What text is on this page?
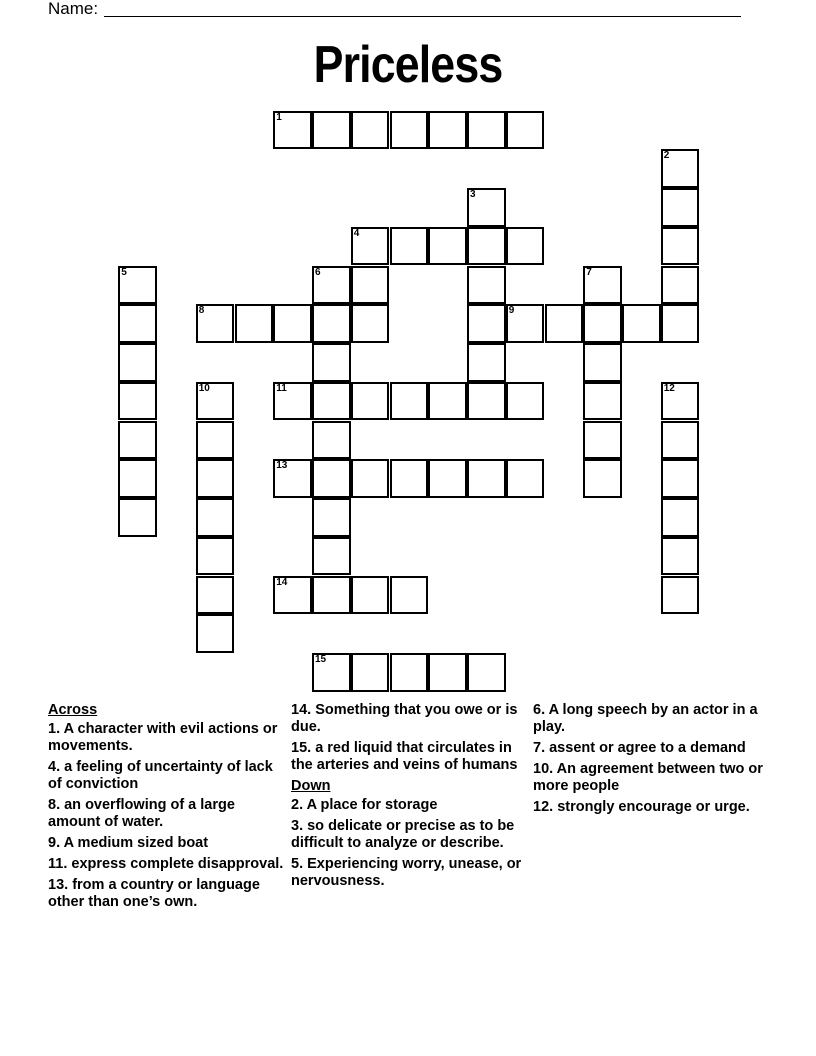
Name:
Priceless
1
2
3
4
5	6	7
8	9
10	11	12
13
14
15
Across
1. A character with evil actions or movements.
4. a feeling of uncertainty of lack of conviction
8. an overflowing of a large amount of water.
9. A medium sized boat
11. express complete disapproval.
13. from a country or language other than one’s own.
14. Something that you owe or is due.
15. a red liquid that circulates in the arteries and veins of humans
Down
2. A place for storage
3. so delicate or precise as to be difficult to analyze or describe.
5. Experiencing worry, unease, or nervousness.
6. A long speech by an actor in a play.
7. assent or agree to a demand
10. An agreement between two or more people
12. strongly encourage or urge.
